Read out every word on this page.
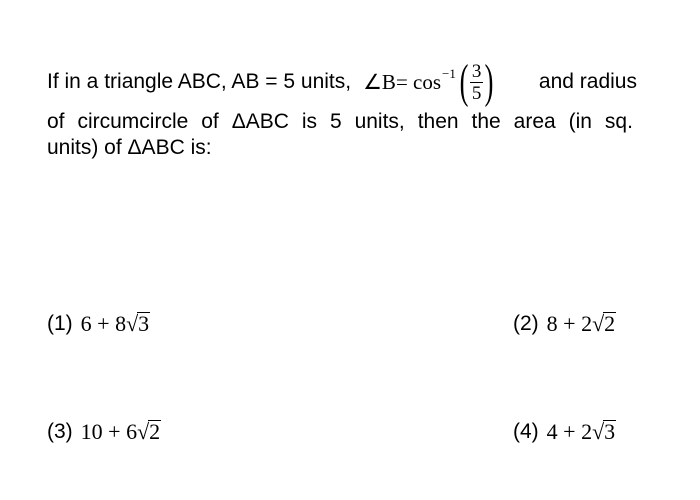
If in a triangle ABC, AB = 5 units, ∠B = cos −1 ( $\frac{3}{5}$ ) and radius
of circumcircle of ΔABC is 5 units, then the area (in sq.
units) of ΔABC is:
(1) 6 + 8 √ 3	(2) 8 + 2 √ 2
(3) 10 + 6 √ 2	(4) 4 + 2 √ 3
